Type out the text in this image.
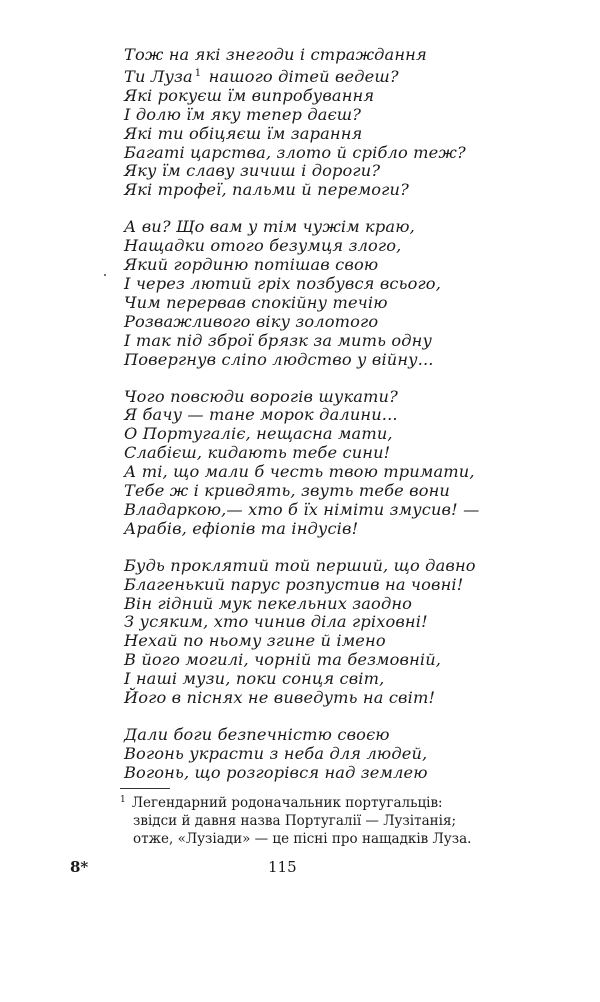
Тож на які знегоди і страждання
Ти Луза $^1$ нашого дітей ведеш?
Які рокуєш їм випробування
І долю їм яку тепер даєш?
Які ти обіцяєш їм зарання
Багаті царства, злото й срібло теж?
Яку їм славу зичиш і дороги?
Які трофеї, пальми й перемоги?
А ви? Що вам у тім чужім краю,
Нащадки отого безумця злого,
Який гординю потішав свою
І через лютий гріх позбувся всього,
Чим перервав спокійну течію
Розважливого віку золотого
І так під зброї брязк за мить одну
Повергнув сліпо людство у війну...
Чого повсюди ворогів шукати?
Я бачу — тане морок далини...
О Португаліє, нещасна мати,
Слабієш, кидають тебе сини!
А ті, що мали б честь твою тримати,
Тебе ж і кривдять, звуть тебе вони
Владаркою,— хто б їх німіти змусив! —
Арабів, ефіопів та індусів!
Будь проклятий той перший, що давно
Благенький парус розпустив на човні!
Він гідний мук пекельних заодно
З усяким, хто чинив діла гріховні!
Нехай по ньому згине й імено
В його могилі, чорній та безмовній,
І наші музи, поки сонця світ,
Його в піснях не виведуть на світ!
Дали боги безпечністю своєю
Вогонь украсти з неба для людей,
Вогонь, що розгорівся над землею
$^1$ Легендарний родоначальник португальців:
звідси й давня назва Португалії — Лузітанія;
отже, «Лузіади» — це пісні про нащадків Луза.
8*	115
